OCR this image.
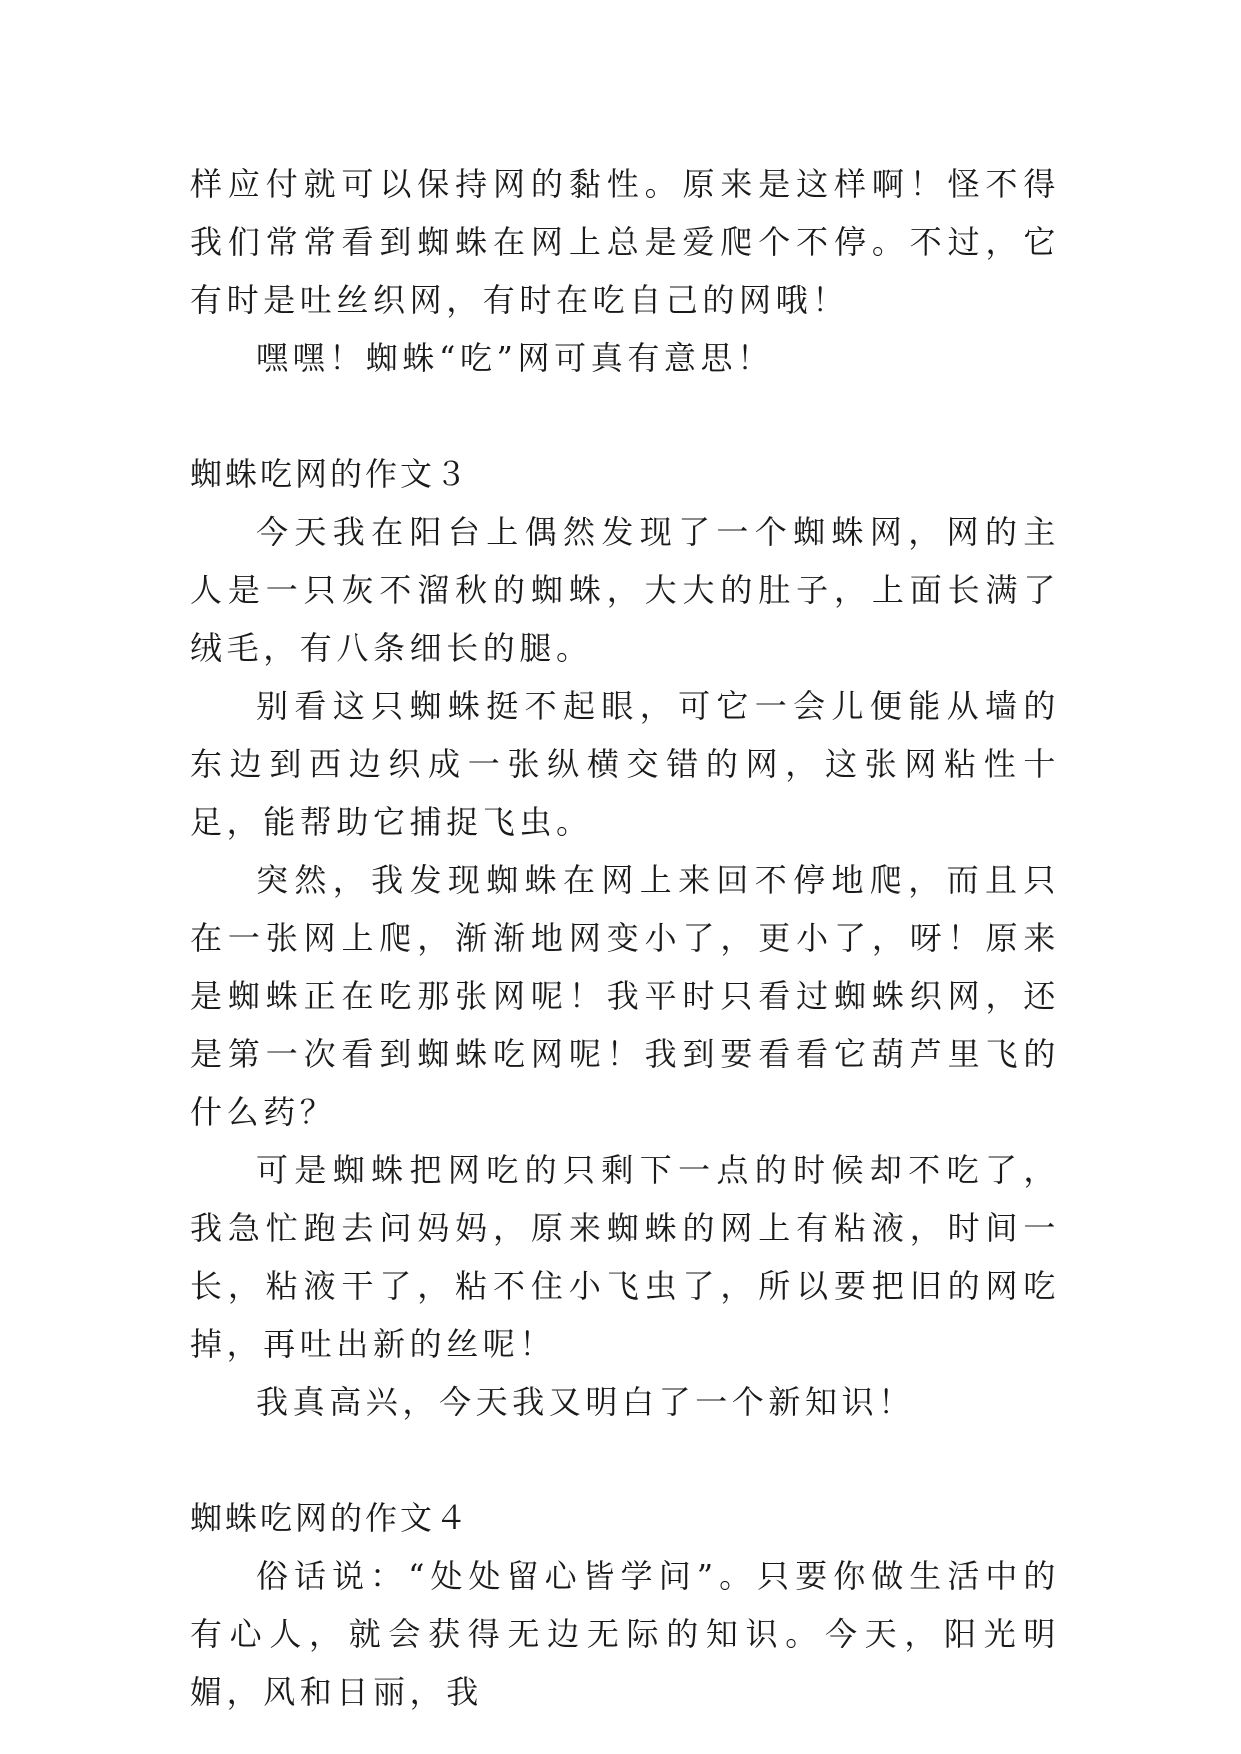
样应付就可以保持网的黏性。原来是这样啊！怪不得我们常常看到蜘蛛在网上总是爱爬个不停。不过，它有时是吐丝织网，有时在吃自己的网哦！

嘿嘿！蜘蛛“吃”网可真有意思！

蜘蛛吃网的作文３

今天我在阳台上偶然发现了一个蜘蛛网，网的主人是一只灰不溜秋的蜘蛛，大大的肚子，上面长满了绒毛，有八条细长的腿。

别看这只蜘蛛挺不起眼，可它一会儿便能从墙的东边到西边织成一张纵横交错的网，这张网粘性十足，能帮助它捕捉飞虫。

突然，我发现蜘蛛在网上来回不停地爬，而且只在一张网上爬，渐渐地网变小了，更小了，呀！原来是蜘蛛正在吃那张网呢！我平时只看过蜘蛛织网，还是第一次看到蜘蛛吃网呢！我到要看看它葫芦里飞的什么药？

可是蜘蛛把网吃的只剩下一点的时候却不吃了，我急忙跑去问妈妈，原来蜘蛛的网上有粘液，时间一长，粘液干了，粘不住小飞虫了，所以要把旧的网吃掉，再吐出新的丝呢！

我真高兴，今天我又明白了一个新知识！

蜘蛛吃网的作文４

俗话说：“处处留心皆学问”。只要你做生活中的有心人，就会获得无边无际的知识。今天，阳光明媚，风和日丽，我
